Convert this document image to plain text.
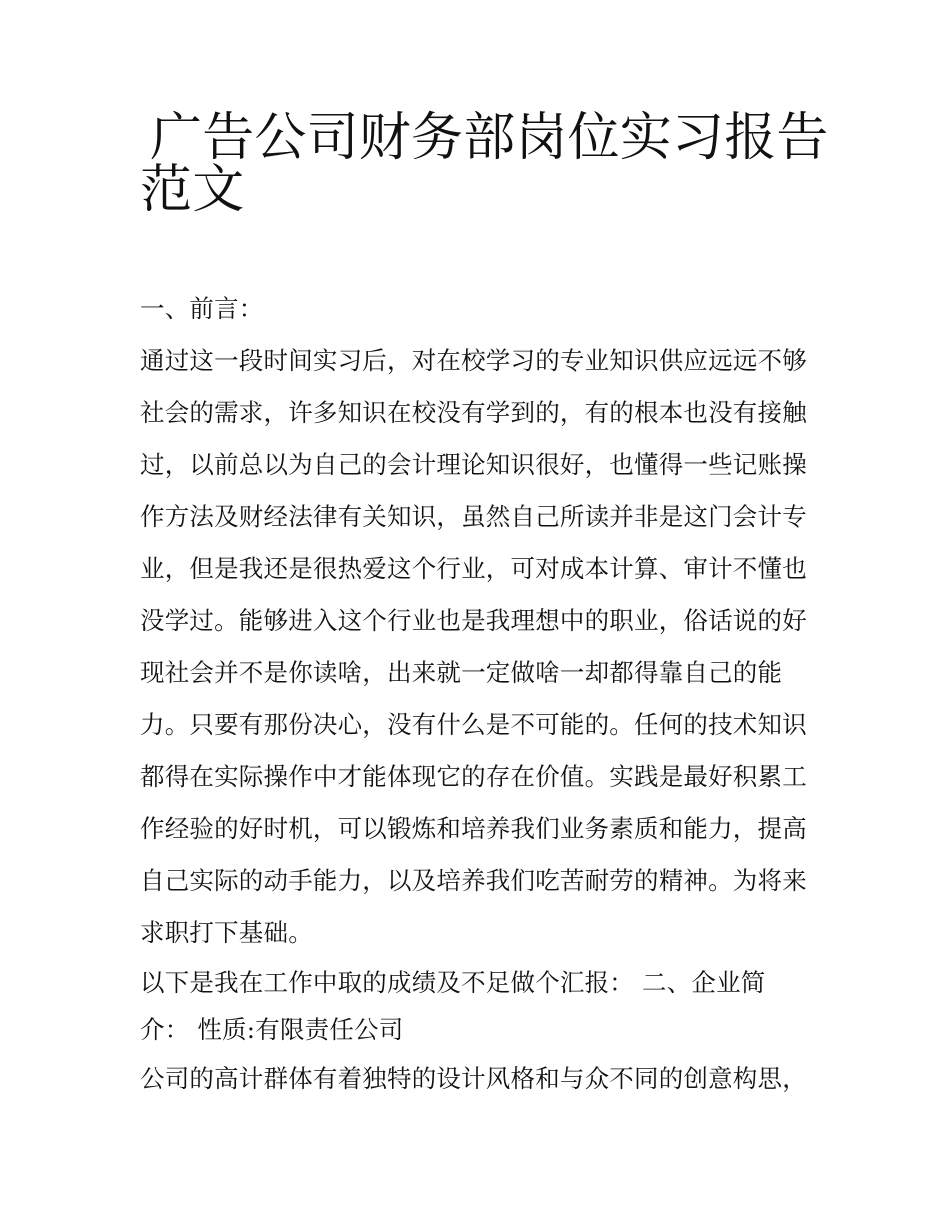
广告公司财务部岗位实习报告
范文
一、前言：
通过这一段时间实习后，对在校学习的专业知识供应远远不够
社会的需求，许多知识在校没有学到的，有的根本也没有接触
过，以前总以为自己的会计理论知识很好，也懂得一些记账操
作方法及财经法律有关知识，虽然自己所读并非是这门会计专
业，但是我还是很热爱这个行业，可对成本计算、审计不懂也
没学过。能够进入这个行业也是我理想中的职业，俗话说的好
现社会并不是你读啥，出来就一定做啥一却都得靠自己的能
力。只要有那份决心，没有什么是不可能的。任何的技术知识
都得在实际操作中才能体现它的存在价值。实践是最好积累工
作经验的好时机，可以锻炼和培养我们业务素质和能力，提高
自己实际的动手能力，以及培养我们吃苦耐劳的精神。为将来
求职打下基础。
以下是我在工作中取的成绩及不足做个汇报： 二、企业简
介： 性质:有限责任公司
公司的高计群体有着独特的设计风格和与众不同的创意构思，
